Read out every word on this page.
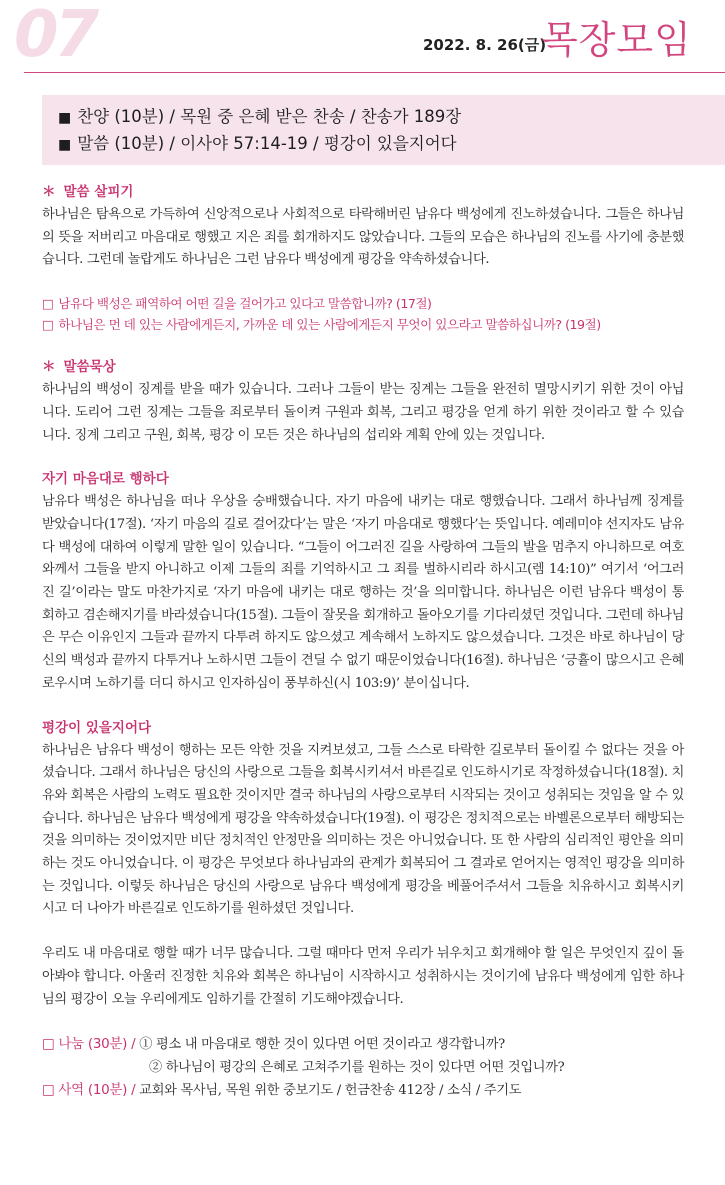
07	2022. 8. 26(금)
목장모임
■ 찬양 (10분) / 목원 중 은혜 받은 찬송 / 찬송가 189장
■ 말씀 (10분) / 이사야 57:14-19 / 평강이 있을지어다
＊ 말씀 살피기

하나님은 탐욕으로 가득하여 신앙적으로나 사회적으로 타락해버린 남유다 백성에게 진노하셨습니다. 그들은 하나님의 뜻을 저버리고 마음대로 행했고 지은 죄를 회개하지도 않았습니다. 그들의 모습은 하나님의 진노를 사기에 충분했습니다. 그런데 놀랍게도 하나님은 그런 남유다 백성에게 평강을 약속하셨습니다.

□ 남유다 백성은 패역하여 어떤 길을 걸어가고 있다고 말씀합니까? (17절)
□ 하나님은 먼 데 있는 사람에게든지, 가까운 데 있는 사람에게든지 무엇이 있으라고 말씀하십니까? (19절)
＊ 말씀묵상

하나님의 백성이 징계를 받을 때가 있습니다. 그러나 그들이 받는 징계는 그들을 완전히 멸망시키기 위한 것이 아닙니다. 도리어 그런 징계는 그들을 죄로부터 돌이켜 구원과 회복, 그리고 평강을 얻게 하기 위한 것이라고 할 수 있습니다. 징계 그리고 구원, 회복, 평강 이 모든 것은 하나님의 섭리와 계획 안에 있는 것입니다.

자기 마음대로 행하다

남유다 백성은 하나님을 떠나 우상을 숭배했습니다. 자기 마음에 내키는 대로 행했습니다. 그래서 하나님께 징계를 받았습니다(17절). ‘자기 마음의 길로 걸어갔다’는 말은 ‘자기 마음대로 행했다’는 뜻입니다. 예레미야 선지자도 남유다 백성에 대하여 이렇게 말한 일이 있습니다. “그들이 어그러진 길을 사랑하여 그들의 발을 멈추지 아니하므로 여호와께서 그들을 받지 아니하고 이제 그들의 죄를 기억하시고 그 죄를 벌하시리라 하시고(렘 14:10)” 여기서 ‘어그러진 길’이라는 말도 마찬가지로 ‘자기 마음에 내키는 대로 행하는 것’을 의미합니다. 하나님은 이런 남유다 백성이 통회하고 겸손해지기를 바라셨습니다(15절). 그들이 잘못을 회개하고 돌아오기를 기다리셨던 것입니다. 그런데 하나님은 무슨 이유인지 그들과 끝까지 다투려 하지도 않으셨고 계속해서 노하지도 않으셨습니다. 그것은 바로 하나님이 당신의 백성과 끝까지 다투거나 노하시면 그들이 견딜 수 없기 때문이었습니다(16절). 하나님은 ‘긍휼이 많으시고 은혜로우시며 노하기를 더디 하시고 인자하심이 풍부하신(시 103:9)’ 분이십니다.

평강이 있을지어다

하나님은 남유다 백성이 행하는 모든 악한 것을 지켜보셨고, 그들 스스로 타락한 길로부터 돌이킬 수 없다는 것을 아셨습니다. 그래서 하나님은 당신의 사랑으로 그들을 회복시키셔서 바른길로 인도하시기로 작정하셨습니다(18절). 치유와 회복은 사람의 노력도 필요한 것이지만 결국 하나님의 사랑으로부터 시작되는 것이고 성취되는 것임을 알 수 있습니다. 하나님은 남유다 백성에게 평강을 약속하셨습니다(19절). 이 평강은 정치적으로는 바벨론으로부터 해방되는 것을 의미하는 것이었지만 비단 정치적인 안정만을 의미하는 것은 아니었습니다. 또 한 사람의 심리적인 평안을 의미하는 것도 아니었습니다. 이 평강은 무엇보다 하나님과의 관계가 회복되어 그 결과로 얻어지는 영적인 평강을 의미하는 것입니다. 이렇듯 하나님은 당신의 사랑으로 남유다 백성에게 평강을 베풀어주셔서 그들을 치유하시고 회복시키시고 더 나아가 바른길로 인도하기를 원하셨던 것입니다.

우리도 내 마음대로 행할 때가 너무 많습니다. 그럴 때마다 먼저 우리가 뉘우치고 회개해야 할 일은 무엇인지 깊이 돌아봐야 합니다. 아울러 진정한 치유와 회복은 하나님이 시작하시고 성취하시는 것이기에 남유다 백성에게 임한 하나님의 평강이 오늘 우리에게도 임하기를 간절히 기도해야겠습니다.

□ 나눔 (30분) / ① 평소 내 마음대로 행한 것이 있다면 어떤 것이라고 생각합니까?
② 하나님이 평강의 은혜로 고쳐주기를 원하는 것이 있다면 어떤 것입니까?
□ 사역 (10분) / 교회와 목사님, 목원 위한 중보기도 / 헌금찬송 412장 / 소식 / 주기도
